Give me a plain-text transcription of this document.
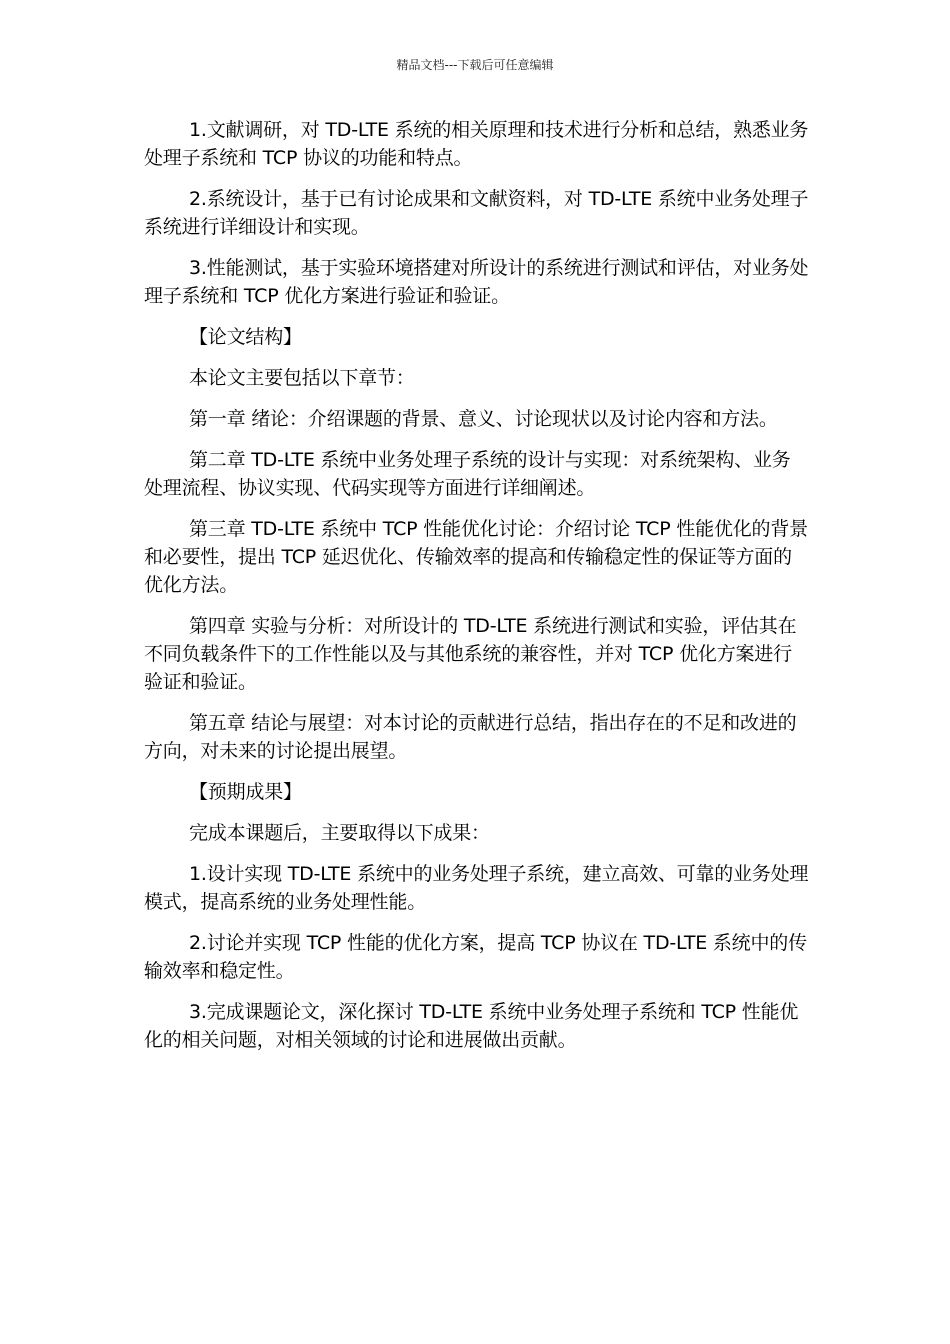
精品文档---下载后可任意编辑

1.文献调研，对 TD-LTE 系统的相关原理和技术进行分析和总结，熟悉业务处理子系统和 TCP 协议的功能和特点。

2.系统设计，基于已有讨论成果和文献资料，对 TD-LTE 系统中业务处理子系统进行详细设计和实现。

3.性能测试，基于实验环境搭建对所设计的系统进行测试和评估，对业务处理子系统和 TCP 优化方案进行验证和验证。

【论文结构】

本论文主要包括以下章节：

第一章 绪论：介绍课题的背景、意义、讨论现状以及讨论内容和方法。

第二章 TD-LTE 系统中业务处理子系统的设计与实现：对系统架构、业务处理流程、协议实现、代码实现等方面进行详细阐述。

第三章 TD-LTE 系统中 TCP 性能优化讨论：介绍讨论 TCP 性能优化的背景和必要性，提出 TCP 延迟优化、传输效率的提高和传输稳定性的保证等方面的优化方法。

第四章 实验与分析：对所设计的 TD-LTE 系统进行测试和实验，评估其在不同负载条件下的工作性能以及与其他系统的兼容性，并对 TCP 优化方案进行验证和验证。

第五章 结论与展望：对本讨论的贡献进行总结，指出存在的不足和改进的方向，对未来的讨论提出展望。

【预期成果】

完成本课题后，主要取得以下成果：

1.设计实现 TD-LTE 系统中的业务处理子系统，建立高效、可靠的业务处理模式，提高系统的业务处理性能。

2.讨论并实现 TCP 性能的优化方案，提高 TCP 协议在 TD-LTE 系统中的传输效率和稳定性。

3.完成课题论文，深化探讨 TD-LTE 系统中业务处理子系统和 TCP 性能优化的相关问题，对相关领域的讨论和进展做出贡献。
